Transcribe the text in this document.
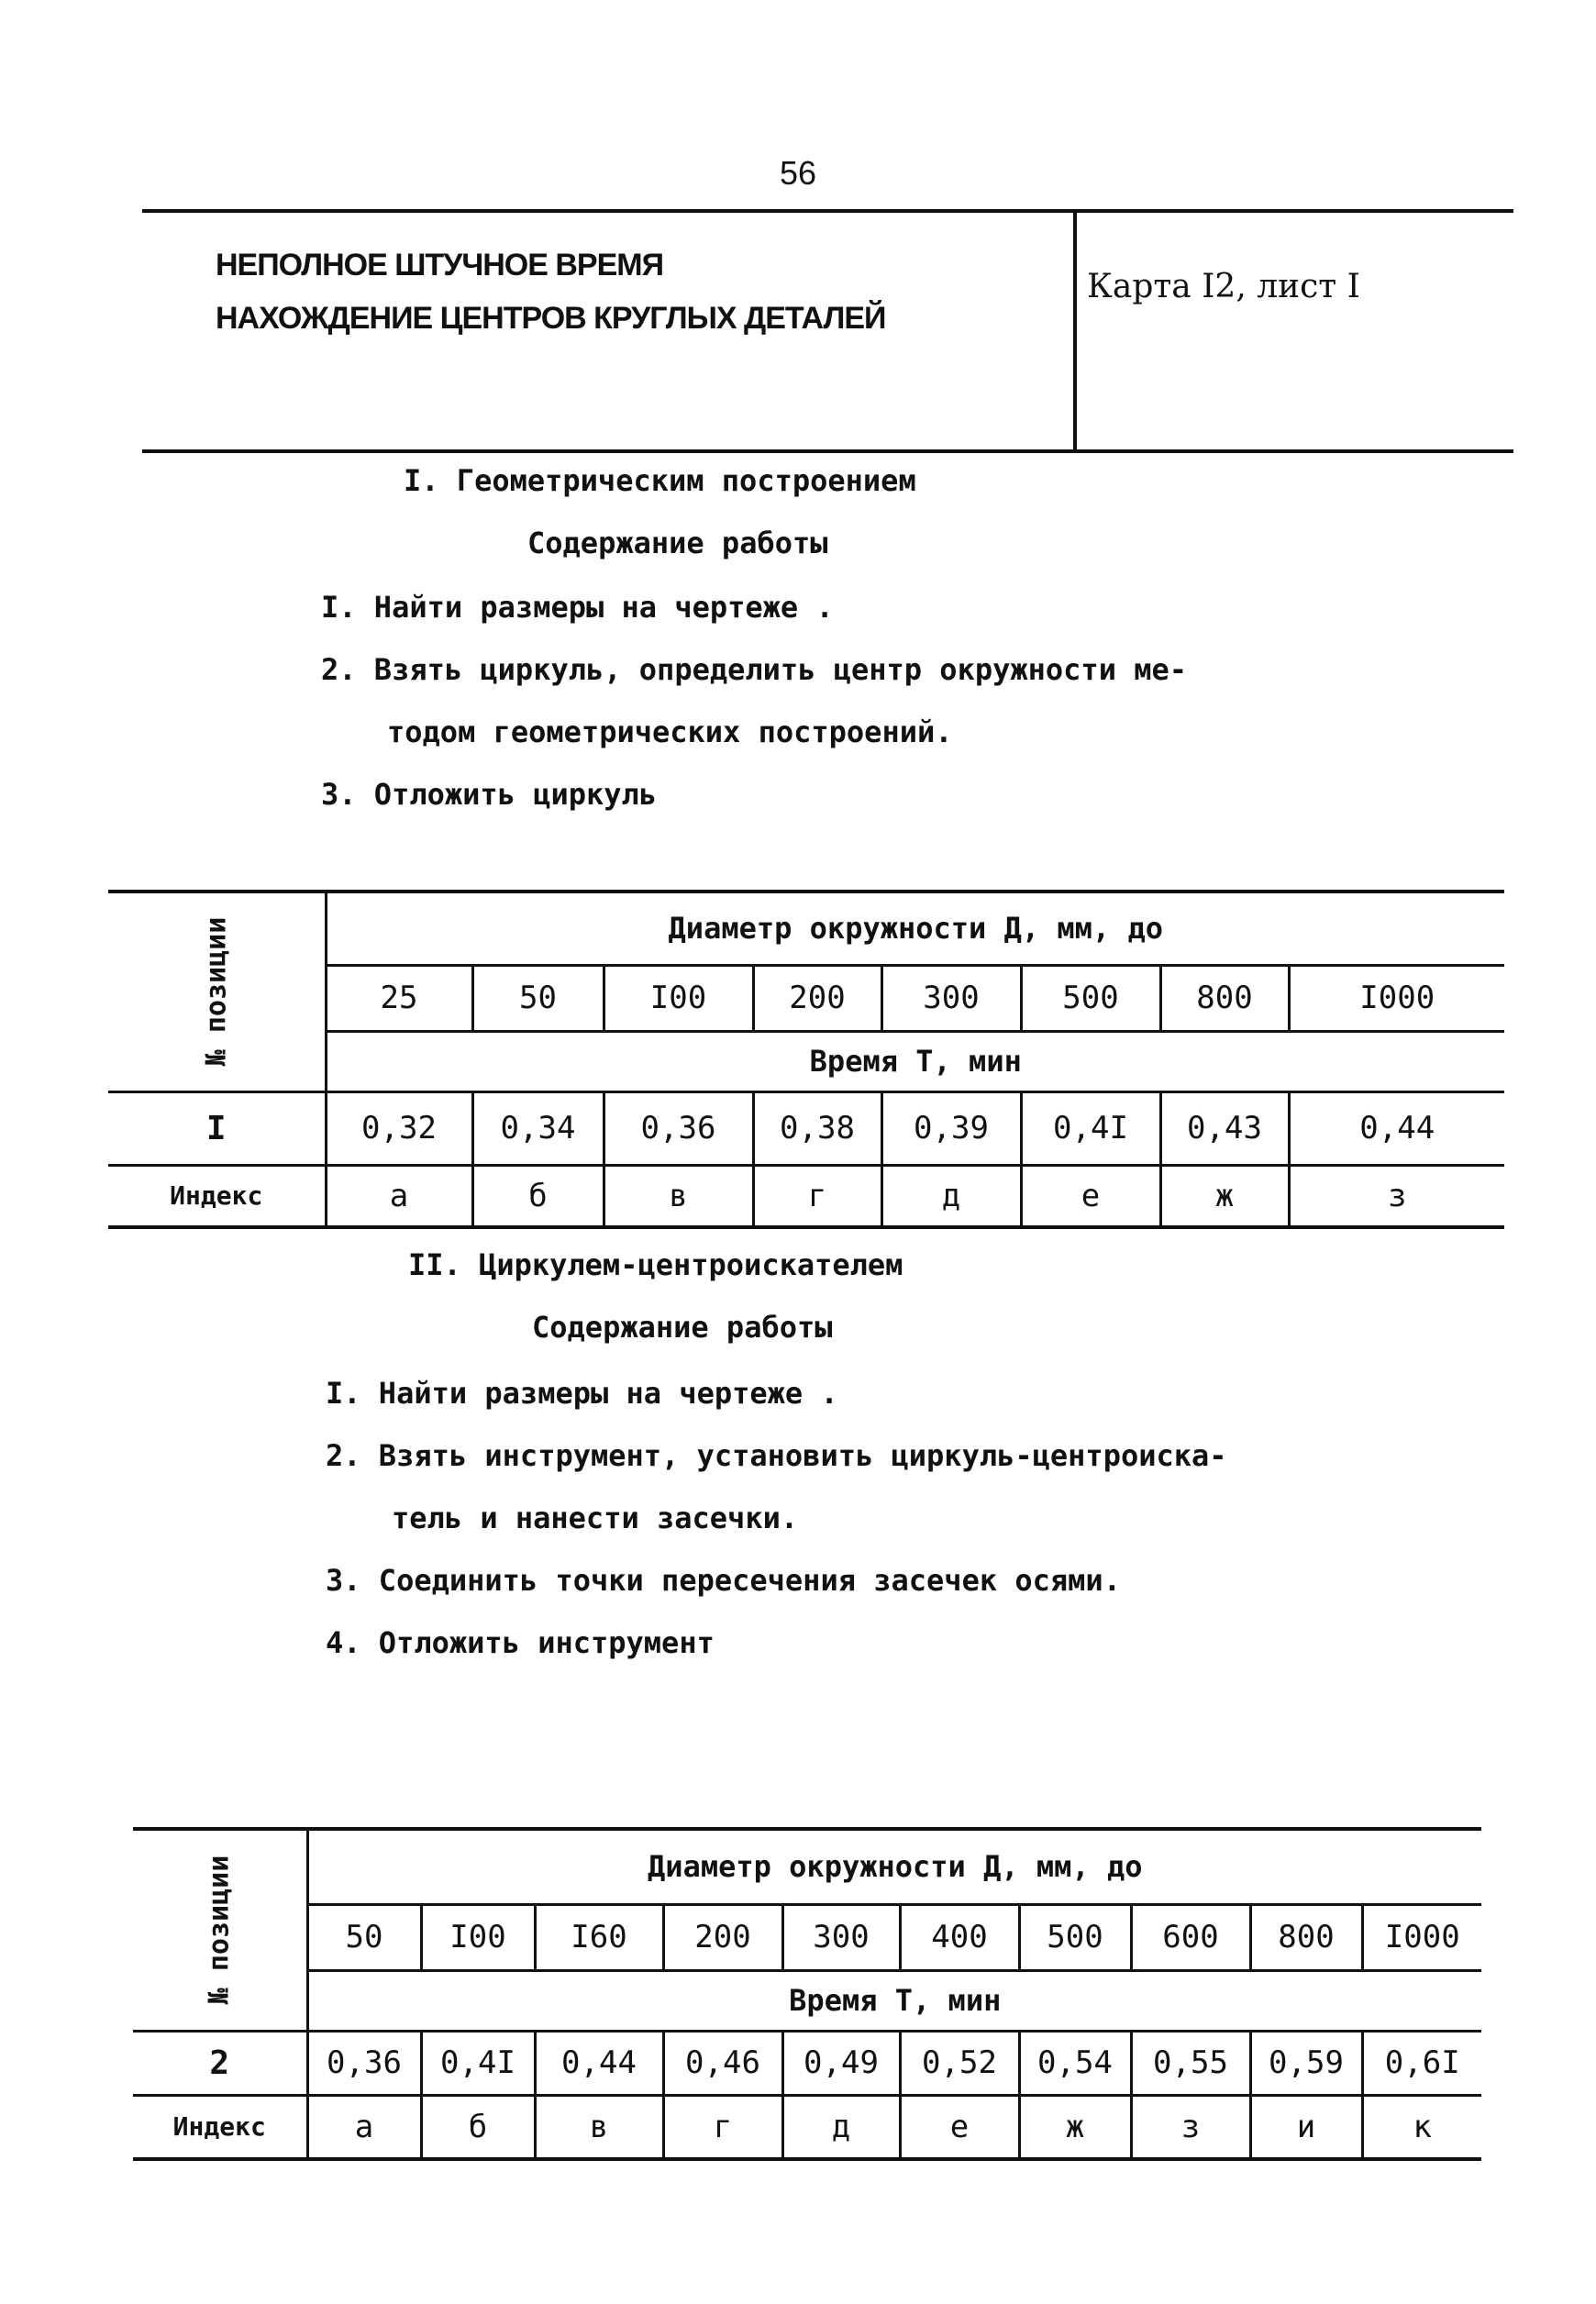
56
НЕПОЛНОЕ ШТУЧНОЕ ВРЕМЯ
НАХОЖДЕНИЕ ЦЕНТРОВ КРУГЛЫХ ДЕТАЛЕЙ
Карта I2, лист I
I. Геометрическим построением
Содержание работы
I. Найти размеры на чертеже .
2. Взять циркуль, определить центр окружности ме-
тодом геометрических построений.
3. Отложить циркуль
№ позиции	Диаметр окружности Д, мм, до							
	25	50	I00	200	300	500	800	I000
	Время Т, мин							
I	0,32	0,34	0,36	0,38	0,39	0,4I	0,43	0,44
Индекс	а	б	в	г	д	е	ж	з
II. Циркулем-центроискателем
Содержание работы
I. Найти размеры на чертеже .
2. Взять инструмент, установить циркуль-центроиска-
тель и нанести засечки.
3. Соединить точки пересечения засечек осями.
4. Отложить инструмент
№ позиции	Диаметр окружности Д, мм, до									
	50	I00	I60	200	300	400	500	600	800	I000
	Время Т, мин									
2	0,36	0,4I	0,44	0,46	0,49	0,52	0,54	0,55	0,59	0,6I
Индекс	а	б	в	г	д	е	ж	з	и	к
